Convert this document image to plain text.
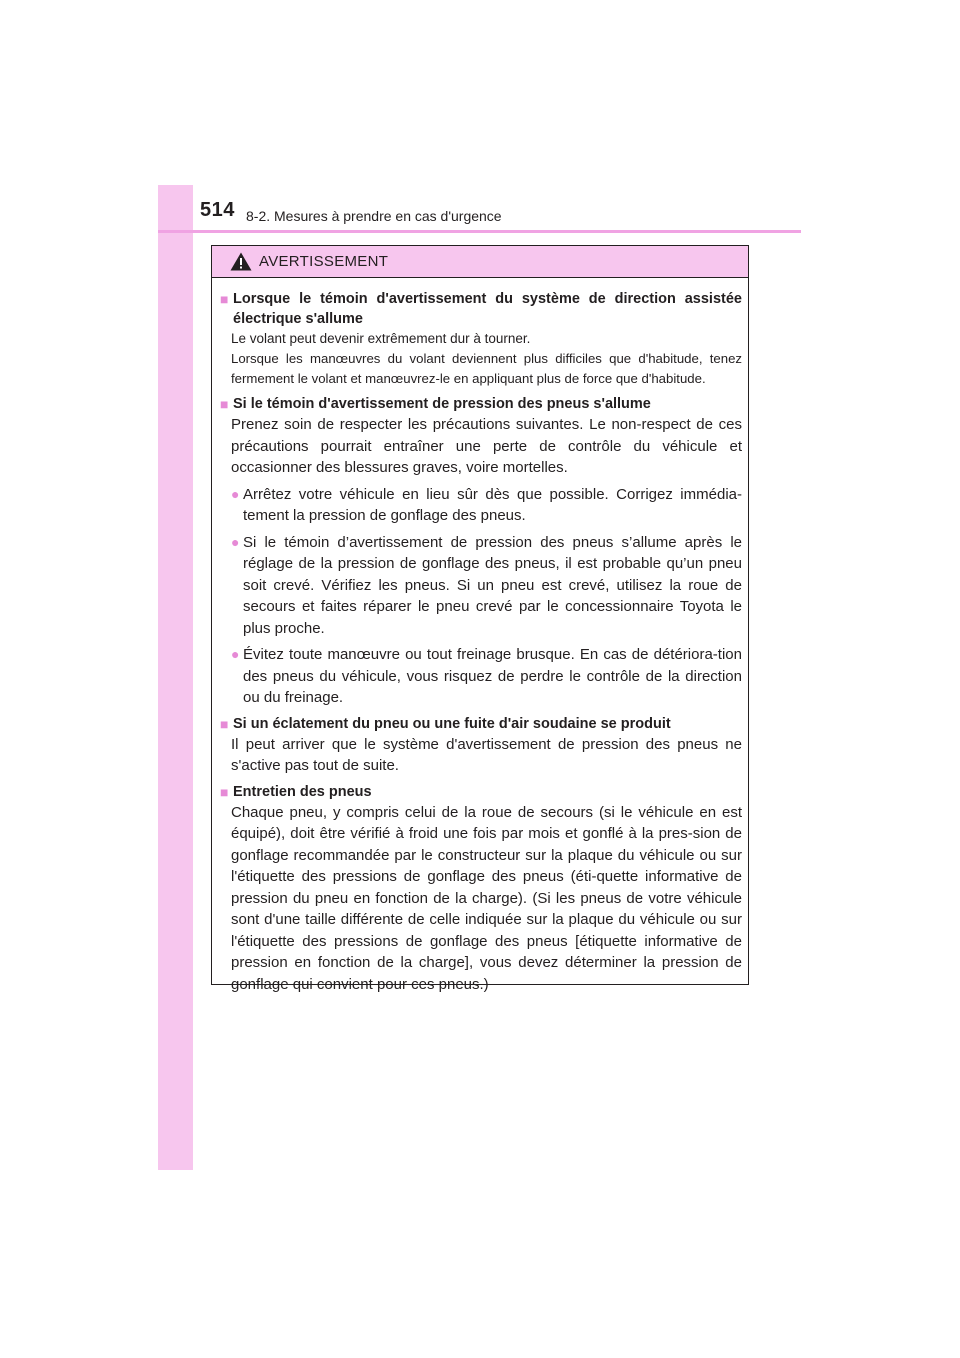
514 8-2. Mesures à prendre en cas d'urgence
AVERTISSEMENT
■ Lorsque le témoin d'avertissement du système de direction assistée électrique s'allume
Le volant peut devenir extrêmement dur à tourner.
Lorsque les manœuvres du volant deviennent plus difficiles que d'habitude, tenez fermement le volant et manœuvrez-le en appliquant plus de force que d'habitude.
■ Si le témoin d'avertissement de pression des pneus s'allume
Prenez soin de respecter les précautions suivantes. Le non-respect de ces précautions pourrait entraîner une perte de contrôle du véhicule et occasionner des blessures graves, voire mortelles.
● Arrêtez votre véhicule en lieu sûr dès que possible. Corrigez immédia-tement la pression de gonflage des pneus.
● Si le témoin d’avertissement de pression des pneus s’allume après le réglage de la pression de gonflage des pneus, il est probable qu’un pneu soit crevé. Vérifiez les pneus. Si un pneu est crevé, utilisez la roue de secours et faites réparer le pneu crevé par le concessionnaire Toyota le plus proche.
● Évitez toute manœuvre ou tout freinage brusque. En cas de détériora-tion des pneus du véhicule, vous risquez de perdre le contrôle de la direction ou du freinage.
■ Si un éclatement du pneu ou une fuite d'air soudaine se produit
Il peut arriver que le système d'avertissement de pression des pneus ne s'active pas tout de suite.
■ Entretien des pneus
Chaque pneu, y compris celui de la roue de secours (si le véhicule en est équipé), doit être vérifié à froid une fois par mois et gonflé à la pres-sion de gonflage recommandée par le constructeur sur la plaque du véhicule ou sur l'étiquette des pressions de gonflage des pneus (éti-quette informative de pression du pneu en fonction de la charge). (Si les pneus de votre véhicule sont d'une taille différente de celle indiquée sur la plaque du véhicule ou sur l'étiquette des pressions de gonflage des pneus [étiquette informative de pression en fonction de la charge], vous devez déterminer la pression de gonflage qui convient pour ces pneus.)
